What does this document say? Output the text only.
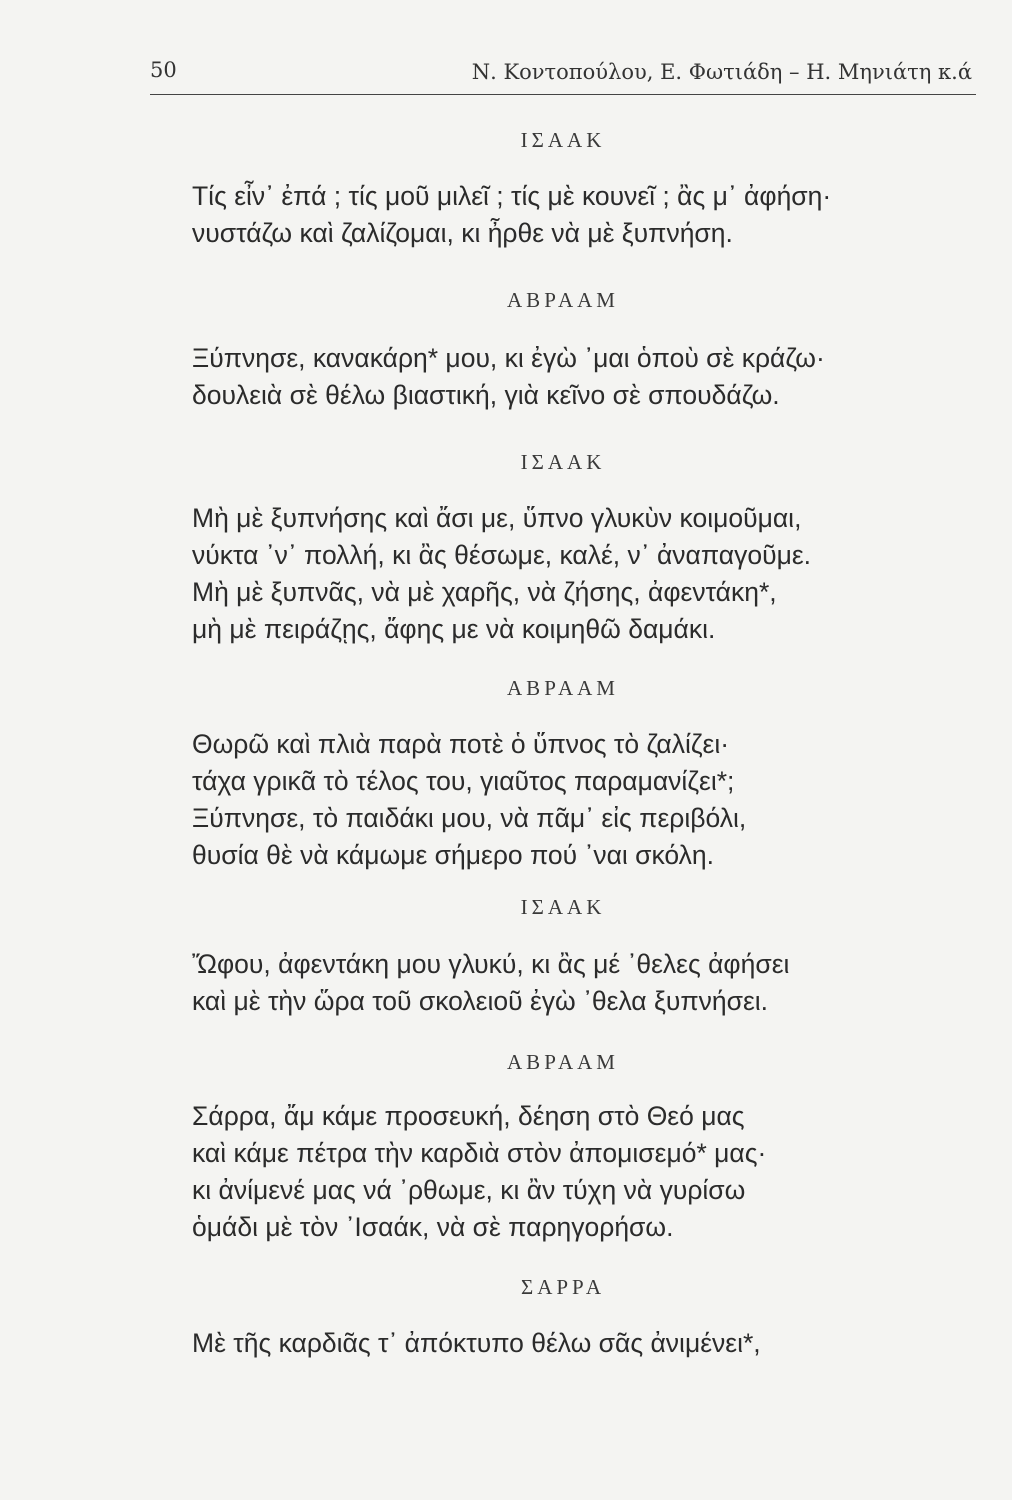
50	Ν. Κοντοπούλου, Ε. Φωτιάδη – Η. Μηνιάτη κ.ά
ΙΣΑΑΚ
Τίς εἶν᾽ ἐπά ; τίς μοῦ μιλεῖ ; τίς μὲ κουνεῖ ; ἂς μ᾽ ἀφήση·
νυστάζω καὶ ζαλίζομαι, κι ἦρθε νὰ μὲ ξυπνήση.
ΑΒΡΑΑΜ
Ξύπνησε, κανακάρη* μου, κι ἐγὼ ᾽μαι ὁποὺ σὲ κράζω·
δουλειὰ σὲ θέλω βιαστική, γιὰ κεῖνο σὲ σπουδάζω.
ΙΣΑΑΚ
Μὴ μὲ ξυπνήσης καὶ ἄσι με, ὕπνο γλυκὺν κοιμοῦμαι,
νύκτα ᾽ν᾽ πολλή, κι ἂς θέσωμε, καλέ, ν᾽ ἀναπαγοῦμε.
Μὴ μὲ ξυπνᾶς, νὰ μὲ χαρῆς, νὰ ζήσης, ἀφεντάκη*,
μὴ μὲ πειράζῃς, ἄφης με νὰ κοιμηθῶ δαμάκι.
ΑΒΡΑΑΜ
Θωρῶ καὶ πλιὰ παρὰ ποτὲ ὁ ὕπνος τὸ ζαλίζει·
τάχα γρικᾶ τὸ τέλος του, γιαῦτος παραμανίζει*;
Ξύπνησε, τὸ παιδάκι μου, νὰ πᾶμ᾽ εἰς περιβόλι,
θυσία θὲ νὰ κάμωμε σήμερο πού ᾽ναι σκόλη.
ΙΣΑΑΚ
Ὤφου, ἀφεντάκη μου γλυκύ, κι ἂς μέ ᾽θελες ἀφήσει
καὶ μὲ τὴν ὥρα τοῦ σκολειοῦ ἐγὼ ᾽θελα ξυπνήσει.
ΑΒΡΑΑΜ
Σάρρα, ἄμ κάμε προσευκή, δέηση στὸ Θεό μας
καὶ κάμε πέτρα τὴν καρδιὰ στὸν ἀπομισεμό* μας·
κι ἀνίμενέ μας νά ᾽ρθωμε, κι ἂν τύχη νὰ γυρίσω
ὁμάδι μὲ τὸν ᾽Ισαάκ, νὰ σὲ παρηγορήσω.
ΣΑΡΡΑ
Μὲ τῆς καρδιᾶς τ᾽ ἀπόκτυπο θέλω σᾶς ἀνιμένει*,
